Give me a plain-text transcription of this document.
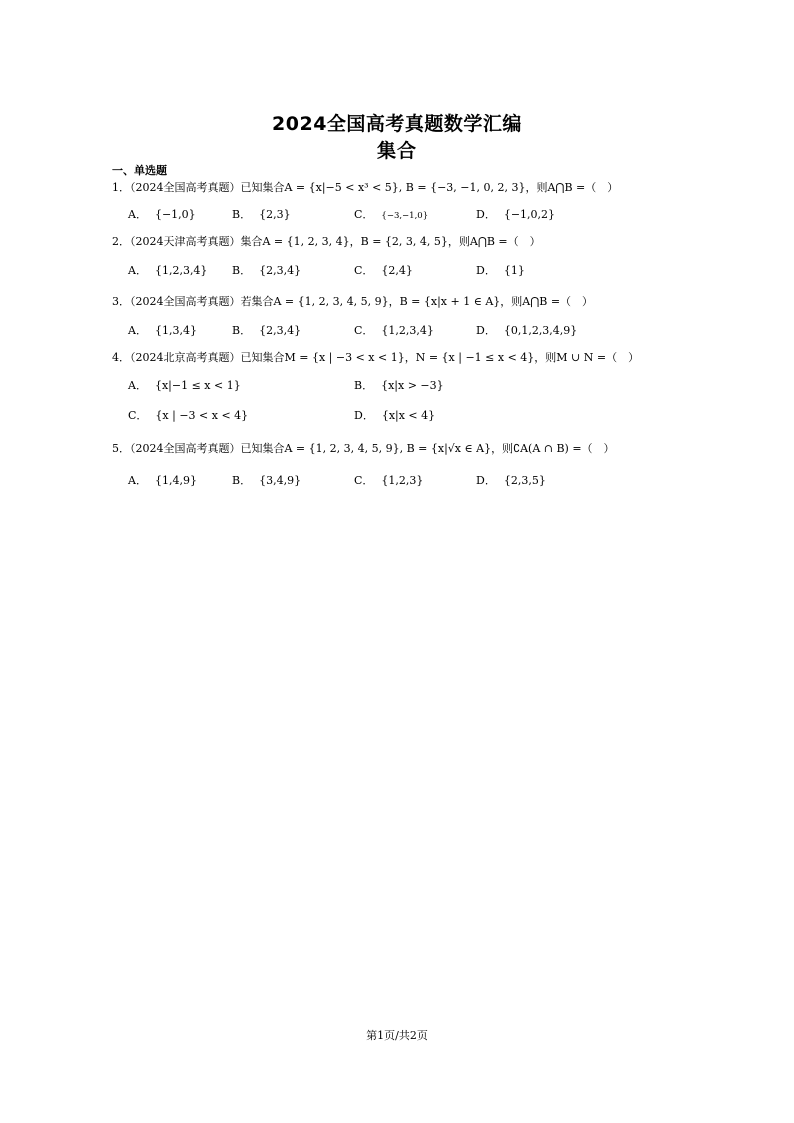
2024全国高考真题数学汇编
集合
一、单选题
1．（2024全国高考真题）已知集合A = {x|−5 < x³ < 5}, B = {−3, −1, 0, 2, 3}，则A⋂B =（　）
A． {−1,0}	B． {2,3}	C． {−3,−1,0}	D． {−1,0,2}
2．（2024天津高考真题）集合A = {1, 2, 3, 4}，B = {2, 3, 4, 5}，则A⋂B =（　）
A． {1,2,3,4} B． {2,3,4}	C． {2,4}	D． {1}
3．（2024全国高考真题）若集合A = {1, 2, 3, 4, 5, 9}，B = {x|x + 1 ∈ A}，则A⋂B =（　）
A． {1,3,4}	B． {2,3,4}	C． {1,2,3,4}	D． {0,1,2,3,4,9}
4．（2024北京高考真题）已知集合M = {x | −3 < x < 1}，N = {x | −1 ≤ x < 4}，则M ∪ N =（　）
A． {x|−1 ≤ x < 1}	B． {x|x > −3}
C． {x | −3 < x < 4}	D． {x|x < 4}
5．（2024全国高考真题）已知集合A = {1, 2, 3, 4, 5, 9}, B = {x|√x ∈ A}，则∁A(A ∩ B) =（　）
A． {1,4,9}	B． {3,4,9}	C． {1,2,3}	D． {2,3,5}
第1页/共2页
